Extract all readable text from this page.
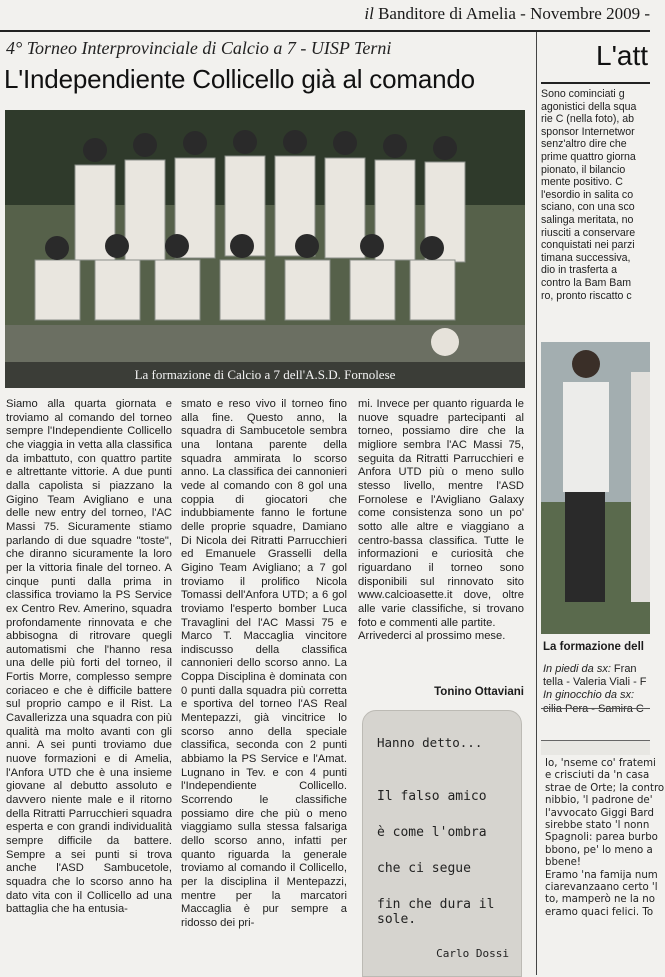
il Banditore di Amelia - Novembre 2009 -
4° Torneo Interprovinciale di Calcio a 7 - UISP Terni
L'Independiente Collicello già al comando
La formazione di Calcio a 7 dell'A.S.D. Fornolese

Siamo alla quarta giornata e troviamo al comando del torneo sempre l'Independiente Collicello che viaggia in vetta alla classifica da imbattuto, con quattro partite e altrettante vittorie. A due punti dalla capolista si piazzano la Gigino Team Avigliano e una delle new entry del torneo, l'AC Massi 75. Sicuramente stiamo parlando di due squadre "toste", che diranno sicuramente la loro per la vittoria finale del torneo. A cinque punti dalla prima in classifica troviamo la PS Service ex Centro Rev. Amerino, squadra profondamente rinnovata e che abbisogna di ritrovare quegli automatismi che l'hanno resa una delle più forti del torneo, il Fortis Morre, complesso sempre coriaceo e che è difficile battere sul proprio campo e il Rist. La Cavallerizza una squadra con più qualità ma molto avanti con gli anni. A sei punti troviamo due nuove formazioni e di Amelia, l'Anfora UTD che è una insieme giovane al debutto assoluto e davvero niente male e il ritorno della Ritratti Parrucchieri squadra esperta e con grandi individualità sempre difficile da battere. Sempre a sei punti si trova anche l'ASD Sambucetole, squadra che lo scorso anno ha dato vita con il Collicello ad una battaglia che ha entusia-

smato e reso vivo il torneo fino alla fine. Questo anno, la squadra di Sambucetole sembra una lontana parente della squadra ammirata lo scorso anno. La classifica dei cannonieri vede al comando con 8 gol una coppia di giocatori che indubbiamente fanno le fortune delle proprie squadre, Damiano Di Nicola dei Ritratti Parrucchieri ed Emanuele Grasselli della Gigino Team Avigliano; a 7 gol troviamo il prolifico Nicola Tomassi dell'Anfora UTD; a 6 gol troviamo l'esperto bomber Luca Travaglini del l'AC Massi 75 e Marco T. Maccaglia vincitore indiscusso della classifica cannonieri dello scorso anno. La Coppa Disciplina è dominata con 0 punti dalla squadra più corretta e sportiva del torneo l'AS Real Mentepazzi, già vincitrice lo scorso anno della speciale classifica, seconda con 2 punti abbiamo la PS Service e l'Amat. Lugnano in Tev. e con 4 punti l'Independiente Collicello. Scorrendo le classifiche possiamo dire che più o meno viaggiamo sulla stessa falsariga dello scorso anno, infatti per quanto riguarda la generale troviamo al comando il Collicello, per la disciplina il Mentepazzi, mentre per la marcatori Maccaglia è pur sempre a ridosso dei pri-

mi. Invece per quanto riguarda le nuove squadre partecipanti al torneo, possiamo dire che la migliore sembra l'AC Massi 75, seguita da Ritratti Parrucchieri e Anfora UTD più o meno sullo stesso livello, mentre l'ASD Fornolese e l'Avigliano Galaxy come consistenza sono un po' sotto alle altre e viaggiano a centro-bassa classifica. Tutte le informazioni e curiosità che riguardano il torneo sono disponibili sul rinnovato sito www.calcioasette.it dove, oltre alle varie classifiche, si trovano foto e commenti alle partite.

Arrivederci al prossimo mese.

Tonino Ottaviani
Hanno detto...
Il falso amico
è come l'ombra
che ci segue
fin che dura il sole.
Carlo Dossi
L'att

Sono cominciati g

agonistici della squa

rie C (nella foto), ab

sponsor Internetwor

senz'altro dire che

prime quattro giorna

pionato, il bilancio

mente positivo. C

l'esordio in salita co

sciano, con una sco

salinga meritata, no

riusciti a conservare

conquistati nei parzi

timana successiva,

dio in trasferta a

contro la Bam Bam

ro, pronto riscatto c

La formazione dell
In piedi da sx: Fran
tella - Valeria Viali - F
In ginocchio da sx:

Io, 'nseme co' fratemi

e crisciuti da 'n casa

strae de Orte; la contro

nibbio, 'l padrone de'

l'avvocato Giggi Bard

sirebbe stato 'l nonn

Spagnoli: parea burbo

bbono, pe' lo meno a

bbene!

Eramo 'na famija num

ciarevanzaano certo 'l

to, mamperò ne la no

eramo quaci felici. To
